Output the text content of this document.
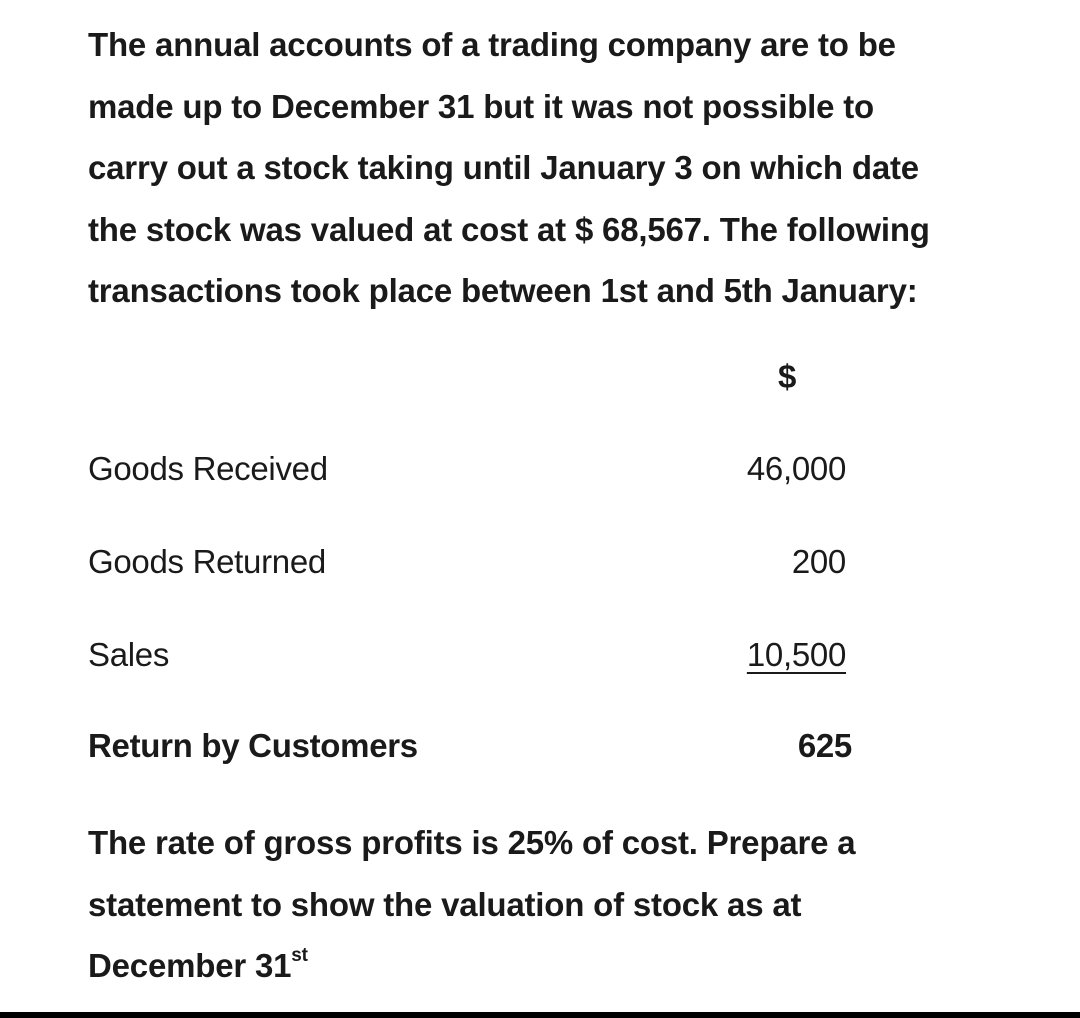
The annual accounts of a trading company are to be
made up to December 31 but it was not possible to
carry out a stock taking until January 3 on which date
the stock was valued at cost at $ 68,567. The following
transactions took place between 1st and 5th January:

$
Goods Received	46,000
Goods Returned	200
Sales	10,500
Return by Customers	625

The rate of gross profits is 25% of cost. Prepare a
statement to show the valuation of stock as at
December 31st
